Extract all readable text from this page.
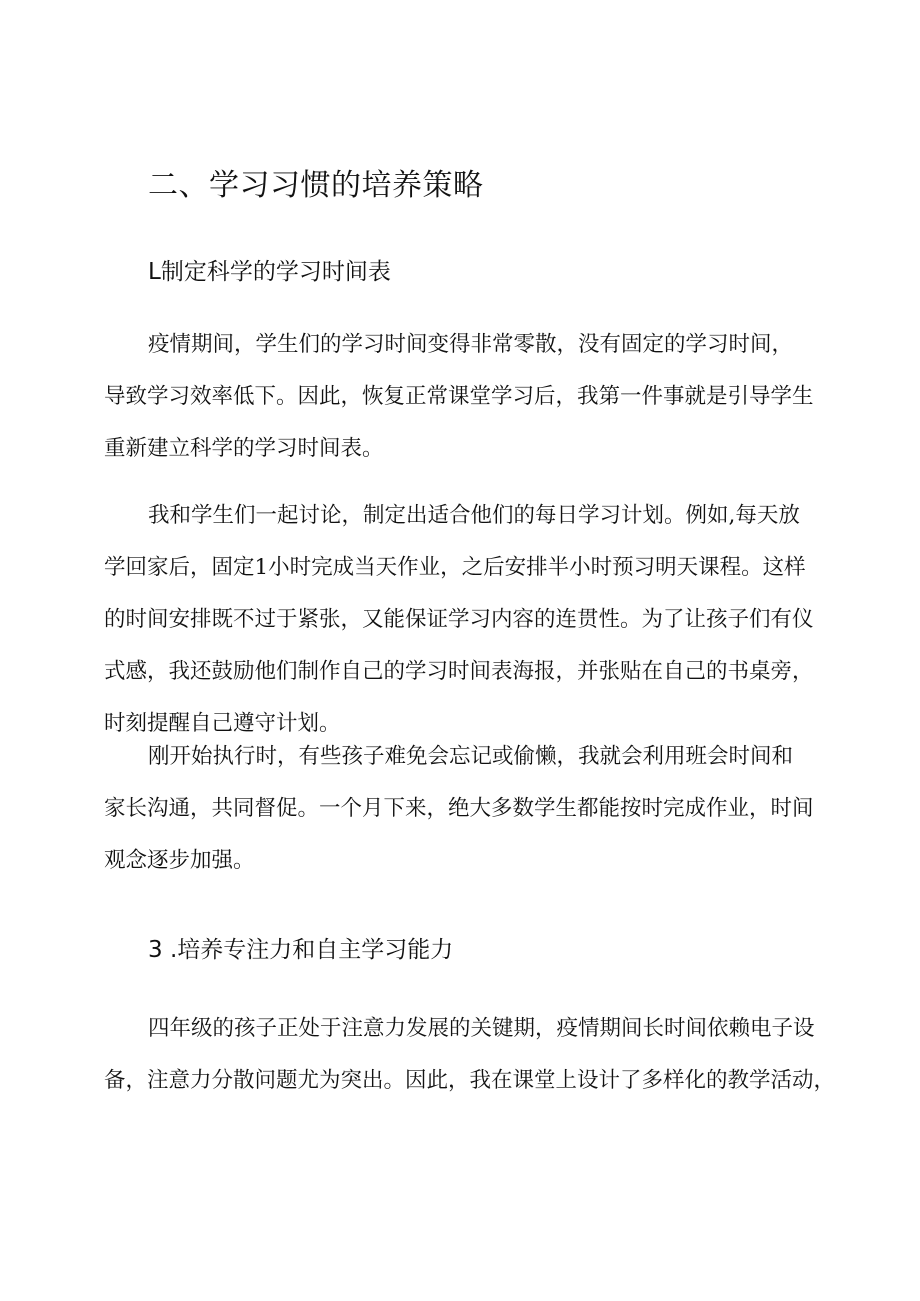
二、学习习惯的培养策略
L制定科学的学习时间表
疫情期间，学生们的学习时间变得非常零散，没有固定的学习时间，
导致学习效率低下。因此，恢复正常课堂学习后，我第一件事就是引导学生
重新建立科学的学习时间表。
我和学生们一起讨论，制定出适合他们的每日学习计划。例如,每天放
学回家后，固定1小时完成当天作业，之后安排半小时预习明天课程。这样
的时间安排既不过于紧张，又能保证学习内容的连贯性。为了让孩子们有仪
式感，我还鼓励他们制作自己的学习时间表海报，并张贴在自己的书桌旁，
时刻提醒自己遵守计划。
刚开始执行时，有些孩子难免会忘记或偷懒，我就会利用班会时间和
家长沟通，共同督促。一个月下来，绝大多数学生都能按时完成作业，时间
观念逐步加强。
3 .培养专注力和自主学习能力
四年级的孩子正处于注意力发展的关键期，疫情期间长时间依赖电子设
备，注意力分散问题尤为突出。因此，我在课堂上设计了多样化的教学活动，
